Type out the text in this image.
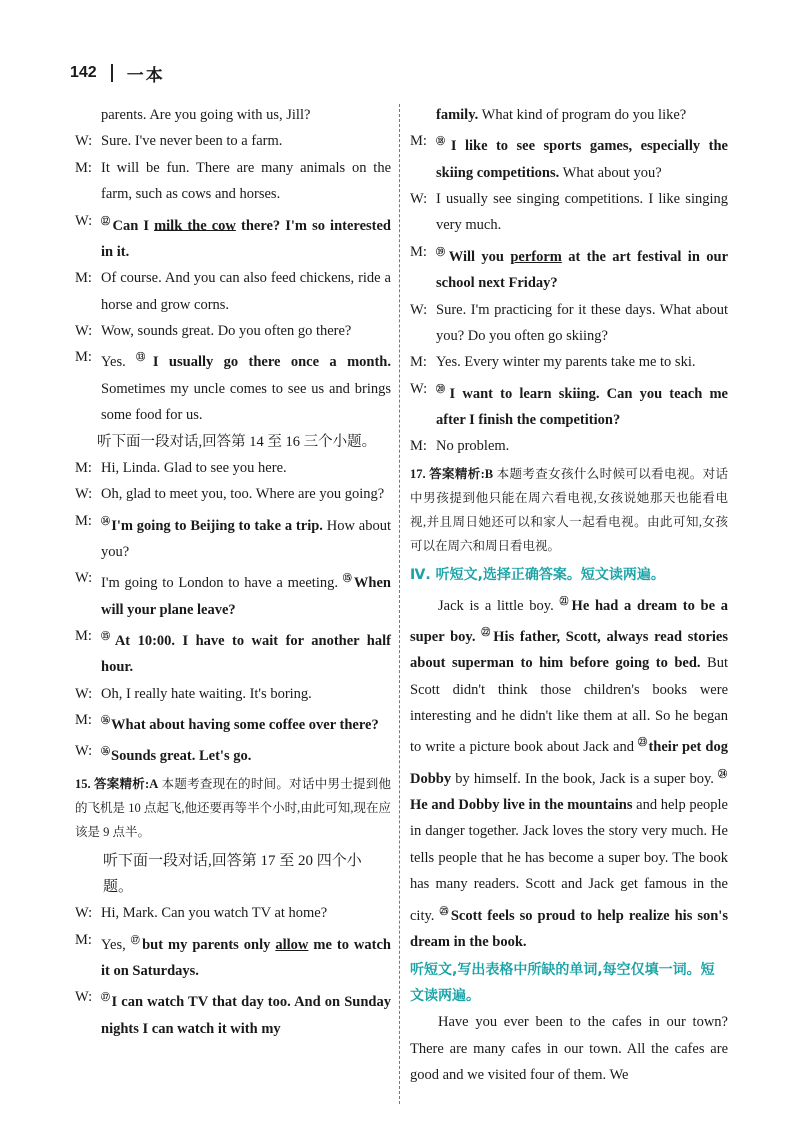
142 一本
parents. Are you going with us, Jill?
W: Sure. I've never been to a farm.
M: It will be fun. There are many animals on the farm, such as cows and horses.
W: ⑫Can I milk the cow there? I'm so interested in it.
M: Of course. And you can also feed chickens, ride a horse and grow corns.
W: Wow, sounds great. Do you often go there?
M: Yes. ⑬I usually go there once a month. Sometimes my uncle comes to see us and brings some food for us.
听下面一段对话,回答第 14 至 16 三个小题。
M: Hi, Linda. Glad to see you here.
W: Oh, glad to meet you, too. Where are you going?
M:	⑭I'm going to Beijing to take a trip. How about you?
W: I'm going to London to have a meeting. ⑮When will your plane leave?
M:	⑮At 10:00. I have to wait for another half hour.
W: Oh, I really hate waiting. It's boring.
M:	⑯What about having some coffee over there?
W: ⑯Sounds great. Let's go.
15. 答案精析:A 本题考查现在的时间。对话中男士提到他的飞机是 10 点起飞,他还要再等半个小时,由此可知,现在应该是 9 点半。
听下面一段对话,回答第 17 至 20 四个小题。
W: Hi, Mark. Can you watch TV at home?
M: Yes, ⑰but my parents only allow me to watch it on Saturdays.
W: ⑰I can watch TV that day too. And on Sunday nights I can watch it with my
family. What kind of program do you like?
M:	⑱I like to see sports games, especially the skiing competitions. What about you?
W: I usually see singing competitions. I like singing very much.
M:	⑲Will you perform at the art festival in our school next Friday?
W: Sure. I'm practicing for it these days. What about you? Do you often go skiing?
M: Yes. Every winter my parents take me to ski.
W: ⑳I want to learn skiing. Can you teach me after I finish the competition?
M: No problem.
17. 答案精析:B 本题考查女孩什么时候可以看电视。对话中男孩提到他只能在周六看电视,女孩说她那天也能看电视,并且周日她还可以和家人一起看电视。由此可知,女孩可以在周六和周日看电视。
Ⅳ. 听短文,选择正确答案。短文读两遍。
Jack is a little boy. $^㉑$He had a dream to be a super boy. $^㉒$His father, Scott, always read stories about superman to him before going to bed. But Scott didn't think those children's books were interesting and he didn't like them at all. So he began to write a picture book about Jack and $^㉓$their pet dog Dobby by himself. In the book, Jack is a super boy. $^㉔$He and Dobby live in the mountains and help people in danger together. Jack loves the story very much. He tells people that he has become a super boy. The book has many readers. Scott and Jack get famous in the city. $^㉕$Scott feels so proud to help realize his son's dream in the book.
听短文,写出表格中所缺的单词,每空仅填一词。短文读两遍。
Have you ever been to the cafes in our town? There are many cafes in our town. All the cafes are good and we visited four of them. We
